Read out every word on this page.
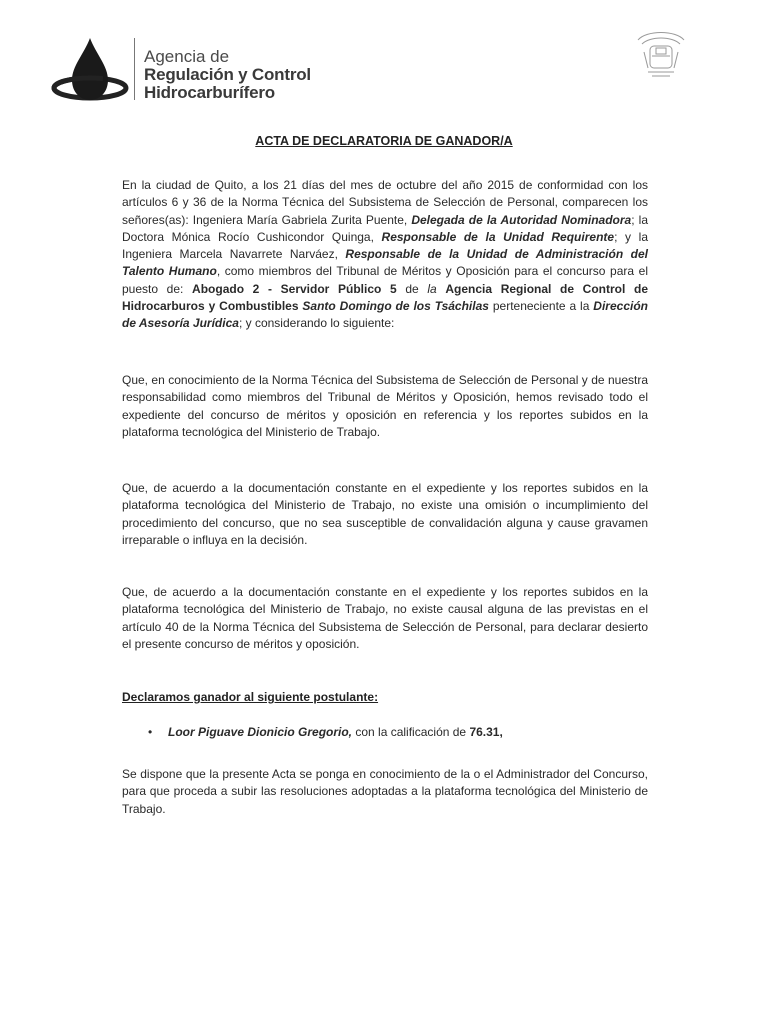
Agencia de
Regulación y Control
Hidrocarburífero
ACTA DE DECLARATORIA DE GANADOR/A
En la ciudad de Quito, a los 21 días del mes de octubre del año 2015 de conformidad con los artículos 6 y 36 de la Norma Técnica del Subsistema de Selección de Personal, comparecen los señores(as): Ingeniera María Gabriela Zurita Puente, Delegada de la Autoridad Nominadora; la Doctora Mónica Rocío Cushicondor Quinga, Responsable de la Unidad Requirente; y la Ingeniera Marcela Navarrete Narváez, Responsable de la Unidad de Administración del Talento Humano, como miembros del Tribunal de Méritos y Oposición para el concurso para el puesto de: Abogado 2 - Servidor Público 5 de la Agencia Regional de Control de Hidrocarburos y Combustibles Santo Domingo de los Tsáchilas perteneciente a la Dirección de Asesoría Jurídica; y considerando lo siguiente:
Que, en conocimiento de la Norma Técnica del Subsistema de Selección de Personal y de nuestra responsabilidad como miembros del Tribunal de Méritos y Oposición, hemos revisado todo el expediente del concurso de méritos y oposición en referencia y los reportes subidos en la plataforma tecnológica del Ministerio de Trabajo.
Que, de acuerdo a la documentación constante en el expediente y los reportes subidos en la plataforma tecnológica del Ministerio de Trabajo, no existe una omisión o incumplimiento del procedimiento del concurso, que no sea susceptible de convalidación alguna y cause gravamen irreparable o influya en la decisión.
Que, de acuerdo a la documentación constante en el expediente y los reportes subidos en la plataforma tecnológica del Ministerio de Trabajo, no existe causal alguna de las previstas en el artículo 40 de la Norma Técnica del Subsistema de Selección de Personal, para declarar desierto el presente concurso de méritos y oposición.
Declaramos ganador al siguiente postulante:
• Loor Piguave Dionicio Gregorio, con la calificación de 76.31,
Se dispone que la presente Acta se ponga en conocimiento de la o el Administrador del Concurso, para que proceda a subir las resoluciones adoptadas a la plataforma tecnológica del Ministerio de Trabajo.
